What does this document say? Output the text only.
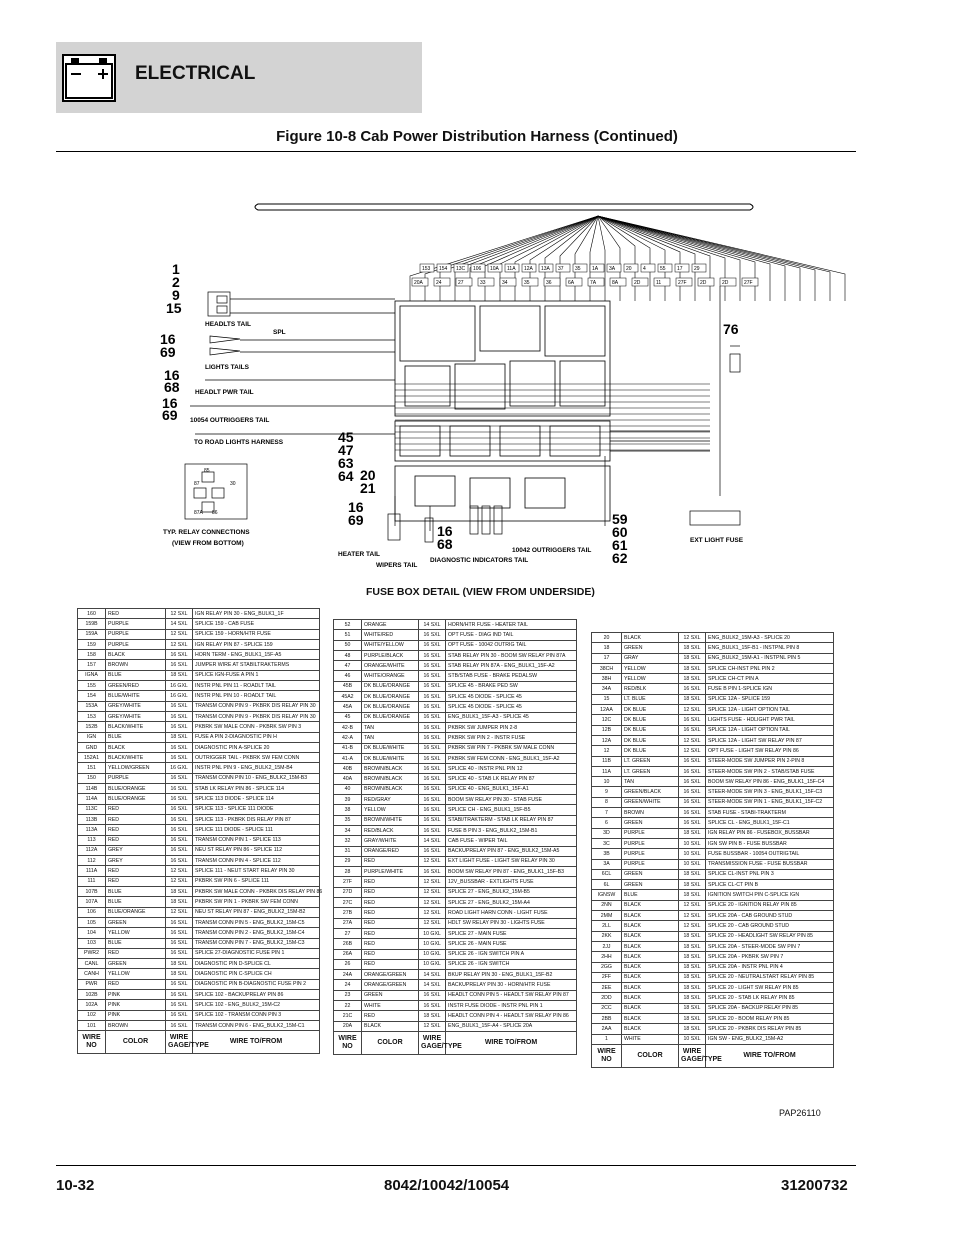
ELECTRICAL
Figure 10-8 Cab Power Distribution Harness (Continued)
153 154 13C 106 10A 11A 12A 13A 37 35 1A 3A 20 4	55 17 29
20A	24	27	33	34	35	36	6A	7A	8A	2D	11	27F	2D	2D	27F
87	30
87A 86
85
1
2
9
15
16
69
16
68
16
69
76
45
47
63
64 20
21
16
69
16
68
59
60
61
62
HEADLTS TAIL
LIGHTS TAILS
HEADLT PWR TAIL
10054 OUTRIGGERS TAIL
TO ROAD LIGHTS HARNESS
TYP. RELAY CONNECTIONS
(VIEW FROM BOTTOM)
HEATER TAIL
WIPERS TAIL
DIAGNOSTIC INDICATORS TAIL
10042 OUTRIGGERS TAIL
EXT LIGHT FUSE
SPL
FUSE BOX DETAIL (VIEW FROM UNDERSIDE)
160	RED	12 SXL	IGN RELAY PIN 30 - ENG_BULK1_1F
159B	PURPLE	14 SXL	SPLICE 159 - CAB FUSE
159A	PURPLE	12 SXL	SPLICE 159 - HORN/HTR FUSE
159	PURPLE	12 SXL	IGN RELAY PIN 87 - SPLICE 159
158	BLACK	16 SXL	HORN TERM - ENG_BULK1_15F-A5
157	BROWN	16 SXL	JUMPER WIRE AT STABILTRAKTERMS
IGNA	BLUE	18 SXL	SPLICE IGN-FUSE A PIN 1
155	GREEN/RED	16 GXL	INSTR PNL PIN 11 - ROADLT TAIL
154	BLUE/WHITE	16 GXL	INSTR PNL PIN 10 - ROADLT TAIL
153A	GREY/WHITE	16 SXL	TRANSM CONN PIN 9 - PKBRK DIS RELAY PIN 30
153	GREY/WHITE	16 SXL	TRANSM CONN PIN 9 - PKBRK DIS RELAY PIN 30
152B	BLACK/WHITE	16 SXL	PKBRK SW MALE CONN - PKBRK SW PIN 3
IGN	BLUE	18 SXL	FUSE A PIN 2-DIAGNOSTIC PIN H
GND	BLACK	16 SXL	DIAGNOSTIC PIN A-SPLICE 20
152A1	BLACK/WHITE	16 SXL	OUTRIGGER TAIL - PKBRK SW FEM CONN
151	YELLOW/GREEN	16 GXL	INSTR PNL PIN 9 - ENG_BULK2_15M-B4
150	PURPLE	16 SXL	TRANSM CONN PIN 10 - ENG_BULK2_15M-B3
114B	BLUE/ORANGE	16 SXL	STAB LK RELAY PIN 86 - SPLICE 114
114A	BLUE/ORANGE	16 SXL	SPLICE 113 DIODE - SPLICE 114
113C	RED	16 SXL	SPLICE 113 - SPLICE 111 DIODE
113B	RED	16 SXL	SPLICE 113 - PKBRK DIS RELAY PIN 87
113A	RED	16 SXL	SPLICE 111 DIODE - SPLICE 111
113	RED	16 SXL	TRANSM CONN PIN 1 - SPLICE 113
112A	GREY	16 SXL	NEU ST RELAY PIN 86 - SPLICE 112
112	GREY	16 SXL	TRANSM CONN PIN 4 - SPLICE 112
111A	RED	12 SXL	SPLICE 111 - NEUT START RELAY PIN 30
111	RED	12 SXL	PKBRK SW PIN 6 - SPLICE 111
107B	BLUE	18 SXL	PKBRK SW MALE CONN - PKBRK DIS RELAY PIN 86
107A	BLUE	18 SXL	PKBRK SW PIN 1 - PKBRK SW FEM CONN
106	BLUE/ORANGE	12 SXL	NEU ST RELAY PIN 87 - ENG_BULK2_15M-B2
105	GREEN	16 SXL	TRANSM CONN PIN 5 - ENG_BULK2_15M-C5
104	YELLOW	16 SXL	TRANSM CONN PIN 2 - ENG_BULK2_15M-C4
103	BLUE	16 SXL	TRANSM CONN PIN 7 - ENG_BULK2_15M-C3
PWR2	RED	16 SXL	SPLICE 27-DIAGNOSTIC FUSE PIN 1
CANL	GREEN	18 SXL	DIAGNOSTIC PIN D-SPLICE CL
CANH	YELLOW	18 SXL	DIAGNOSTIC PIN C-SPLICE CH
PWR	RED	16 SXL	DIAGNOSTIC PIN B-DIAGNOSTIC FUSE PIN 2
102B	PINK	16 SXL	SPLICE 102 - BACKUPRELAY PIN 86
102A	PINK	16 SXL	SPLICE 102 - ENG_BULK2_15M-C2
102	PINK	16 SXL	SPLICE 102 - TRANSM CONN PIN 3
101	BROWN	16 SXL	TRANSM CONN PIN 6 - ENG_BULK2_15M-C1
WIRE NO	COLOR	WIRE GAGE/TYPE	WIRE TO/FROM
52	ORANGE	14 SXL	HORN/HTR FUSE - HEATER TAIL
51	WHITE/RED	16 SXL	OPT FUSE - DIAG IND TAIL
50	WHITE/YELLOW	16 SXL	OPT FUSE - 10042 OUTRIG TAIL
48	PURPLE/BLACK	16 SXL	STAB RELAY PIN 30 - BOOM SW RELAY PIN 87A
47	ORANGE/WHITE	16 SXL	STAB RELAY PIN 87A - ENG_BULK1_15F-A2
46	WHITE/ORANGE	16 SXL	STB/STAB FUSE - BRAKE PEDALSW
45B	DK BLUE/ORANGE	16 SXL	SPLICE 45 - BRAKE PED SW
45A2	DK BLUE/ORANGE	16 SXL	SPLICE 45 DIODE - SPLICE 45
45A	DK BLUE/ORANGE	16 SXL	SPLICE 45 DIODE - SPLICE 45
45	DK BLUE/ORANGE	16 SXL	ENG_BULK1_15F-A3 - SPLICE 45
42-B	TAN	16 SXL	PKBRK SW JUMPER PIN 2-8
42-A	TAN	16 SXL	PKBRK SW PIN 2 - INSTR FUSE
41-B	DK BLUE/WHITE	16 SXL	PKBRK SW PIN 7 - PKBRK SW MALE CONN
41-A	DK BLUE/WHITE	16 SXL	PKBRK SW FEM CONN - ENG_BULK1_15F-A2
40B	BROWN/BLACK	16 SXL	SPLICE 40 - INSTR PNL PIN 12
40A	BROWN/BLACK	16 SXL	SPLICE 40 - STAB LK RELAY PIN 87
40	BROWN/BLACK	16 SXL	SPLICE 40 - ENG_BULK1_15F-A1
39	RED/GRAY	16 SXL	BOOM SW RELAY PIN 30 - STAB FUSE
38	YELLOW	16 SXL	SPLICE CH - ENG_BULK1_15F-B5
35	BROWN/WHITE	16 SXL	STABI/TRAKTERM - STAB LK RELAY PIN 87
34	RED/BLACK	16 SXL	FUSE B PIN 3 - ENG_BULK2_15M-B1
32	GRAY/WHITE	14 SXL	CAB FUSE - WIPER TAIL
31	ORANGE/RED	16 SXL	BACKUPRELAY PIN 87 - ENG_BULK2_15M-A5
29	RED	12 SXL	EXT LIGHT FUSE - LIGHT SW RELAY PIN 30
28	PURPLE/WHITE	16 SXL	BOOM SW RELAY PIN 87 - ENG_BULK1_15F-B3
27F	RED	12 SXL	12V_BUSSBAR - EXTLIGHTS FUSE
27D	RED	12 SXL	SPLICE 27 - ENG_BULK2_15M-B5
27C	RED	12 SXL	SPLICE 27 - ENG_BULK2_15M-A4
27B	RED	12 SXL	ROAD LIGHT HARN CONN - LIGHT FUSE
27A	RED	12 SXL	HDLT SW RELAY PIN 30 - LIGHTS FUSE
27	RED	10 GXL	SPLICE 27 - MAIN FUSE
26B	RED	10 GXL	SPLICE 26 - MAIN FUSE
26A	RED	10 GXL	SPLICE 26 - IGN SWITCH PIN A
26	RED	10 GXL	SPLICE 26 - IGN SWITCH
24A	ORANGE/GREEN	14 SXL	BKUP RELAY PIN 30 - ENG_BULK1_15F-B2
24	ORANGE/GREEN	14 SXL	BACKUPRELAY PIN 30 - HORN/HTR FUSE
23	GREEN	16 SXL	HEADLT CONN PIN 5 - HEADLT SW RELAY PIN 87
22	WHITE	16 SXL	INSTR FUSE DIODE - INSTR PNL PIN 1
21C	RED	18 SXL	HEADLT CONN PIN 4 - HEADLT SW RELAY PIN 86
20A	BLACK	12 SXL	ENG_BULK1_15F-A4 - SPLICE 20A
WIRE NO	COLOR	WIRE GAGE/TYPE	WIRE TO/FROM
20	BLACK	12 SXL	ENG_BULK2_15M-A3 - SPLICE 20
18	GREEN	18 SXL	ENG_BULK1_15F-B1 - INSTPNL PIN 8
17	GRAY	18 SXL	ENG_BULK2_15M-A1 - INSTPNL PIN 5
38CH	YELLOW	18 SXL	SPLICE CH-INST PNL PIN 2
38H	YELLOW	18 SXL	SPLICE CH-CT PIN A
34A	RED/BLK	16 SXL	FUSE B PIN 1-SPLICE IGN
15	LT. BLUE	18 SXL	SPLICE 12A - SPLICE 159
12AA	DK BLUE	12 SXL	SPLICE 12A - LIGHT OPTION TAIL
12C	DK BLUE	16 SXL	LIGHTS FUSE - HDLIGHT PWR TAIL
12B	DK BLUE	16 SXL	SPLICE 12A - LIGHT OPTION TAIL
12A	DK BLUE	12 SXL	SPLICE 12A - LIGHT SW RELAY PIN 87
12	DK BLUE	12 SXL	OPT FUSE - LIGHT SW RELAY PIN 86
11B	LT. GREEN	16 SXL	STEER-MODE SW JUMPER PIN 2-PIN 8
11A	LT. GREEN	16 SXL	STEER-MODE SW PIN 2 - STAB/STAB FUSE
10	TAN	16 SXL	BOOM SW RELAY PIN 86 - ENG_BULK1_15F-C4
9	GREEN/BLACK	16 SXL	STEER-MODE SW PIN 3 - ENG_BULK1_15F-C3
8	GREEN/WHITE	16 SXL	STEER-MODE SW PIN 1 - ENG_BULK1_15F-C2
7	BROWN	16 SXL	STAB FUSE - STABI-TRAKTERM
6	GREEN	16 SXL	SPLICE CL - ENG_BULK1_15F-C1
3D	PURPLE	18 SXL	IGN RELAY PIN 86 - FUSEBOX_BUSSBAR
3C	PURPLE	10 SXL	IGN SW PIN B - FUSE BUSSBAR
3B	PURPLE	10 SXL	FUSE BUSSBAR - 10054 OUTRIGTAIL
3A	PURPLE	10 SXL	TRANSMISSION FUSE - FUSE BUSSBAR
6CL	GREEN	18 SXL	SPLICE CL-INST PNL PIN 3
6L	GREEN	18 SXL	SPLICE CL-CT PIN B
IGNSW	BLUE	18 SXL	IGNITION SWITCH PIN C-SPLICE IGN
2NN	BLACK	12 SXL	SPLICE 20 - IGNITION RELAY PIN 85
2MM	BLACK	12 SXL	SPLICE 20A - CAB GROUND STUD
2LL	BLACK	12 SXL	SPLICE 20 - CAB GROUND STUD
2KK	BLACK	18 SXL	SPLICE 20 - HEADLIGHT SW RELAY PIN 85
2JJ	BLACK	18 SXL	SPLICE 20A - STEER-MODE SW PIN 7
2HH	BLACK	18 SXL	SPLICE 20A - PKBRK SW PIN 7
2GG	BLACK	18 SXL	SPLICE 20A - INSTR PNL PIN 4
2FF	BLACK	18 SXL	SPLICE 20 - NEUTRALSTART RELAY PIN 85
2EE	BLACK	18 SXL	SPLICE 20 - LIGHT SW RELAY PIN 85
2DD	BLACK	18 SXL	SPLICE 20 - STAB LK RELAY PIN 85
2CC	BLACK	18 SXL	SPLICE 20A - BACKUP RELAY PIN 85
2BB	BLACK	18 SXL	SPLICE 20 - BOOM RELAY PIN 85
2AA	BLACK	18 SXL	SPLICE 20 - PKBRK DIS RELAY PIN 85
1	WHITE	10 SXL	IGN SW - ENG_BULK2_15M-A2
WIRE NO	COLOR	WIRE GAGE/TYPE	WIRE TO/FROM
PAP26110
10-32	8042/10042/10054	31200732
